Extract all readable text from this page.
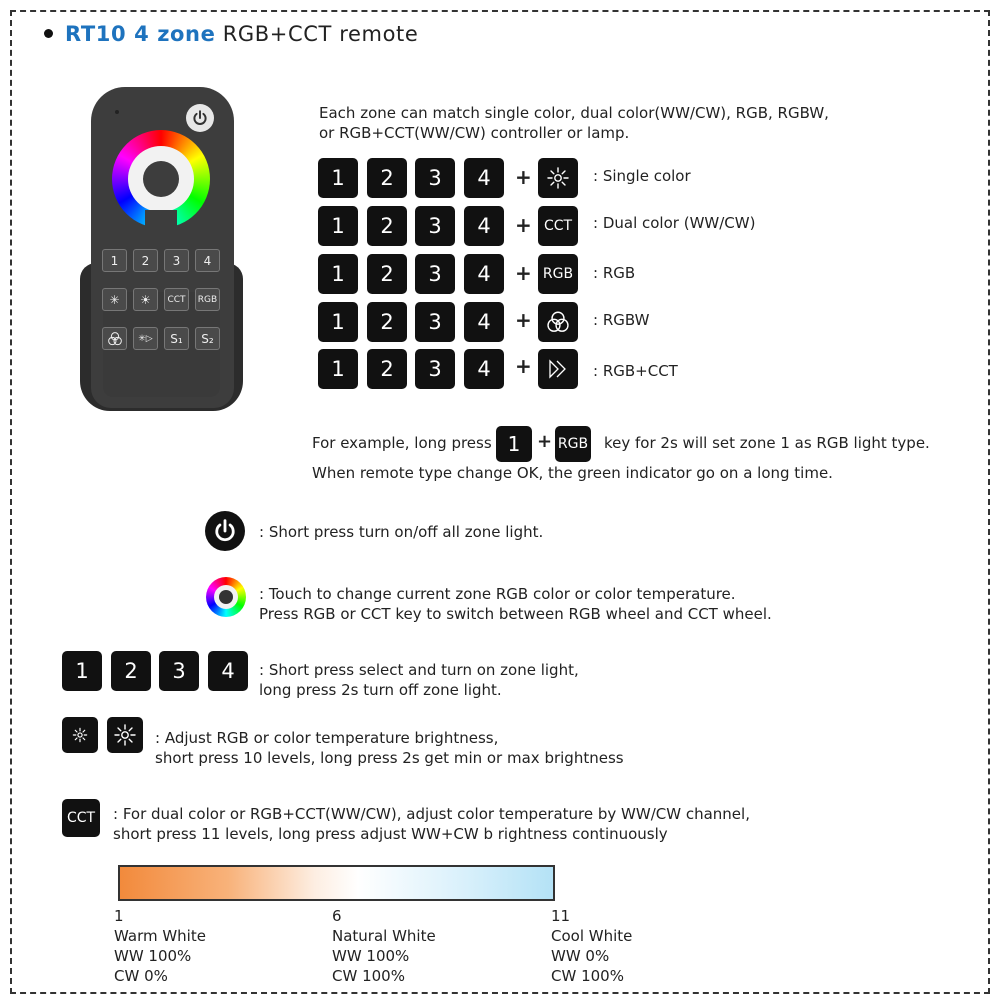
RT10 4 zone RGB+CCT remote
1	2	3	4
✳ ☀	CCT	RGB
✳▷	S₁	S₂
Each zone can match single color, dual color(WW/CW), RGB, RGBW,
or RGB+CCT(WW/CW) controller or lamp.
1	2	3	4	+	: Single color
1	2	3	4	+ CCT	: Dual color (WW/CW)
1	2	3	4	+ RGB	: RGB
1	2	3	4	+	: RGBW
1	2	3	4	+	: RGB+CCT
For example, long press 1 + RGB key for 2s will set zone 1 as RGB light type.
When remote type change OK, the green indicator go on a long time.
: Short press turn on/off all zone light.
: Touch to change current zone RGB color or color temperature.
Press RGB or CCT key to switch between RGB wheel and CCT wheel.
1	2	3	4	: Short press select and turn on zone light,
long press 2s turn off zone light.
: Adjust RGB or color temperature brightness,
short press 10 levels, long press 2s get min or max brightness
CCT	: For dual color or RGB+CCT(WW/CW), adjust color temperature by WW/CW channel,
short press 11 levels, long press adjust WW+CW b rightness continuously
1
Warm White
WW 100%
CW 0%
6
Natural White
WW 100%
CW 100%
11
Cool White
WW 0%
CW 100%
